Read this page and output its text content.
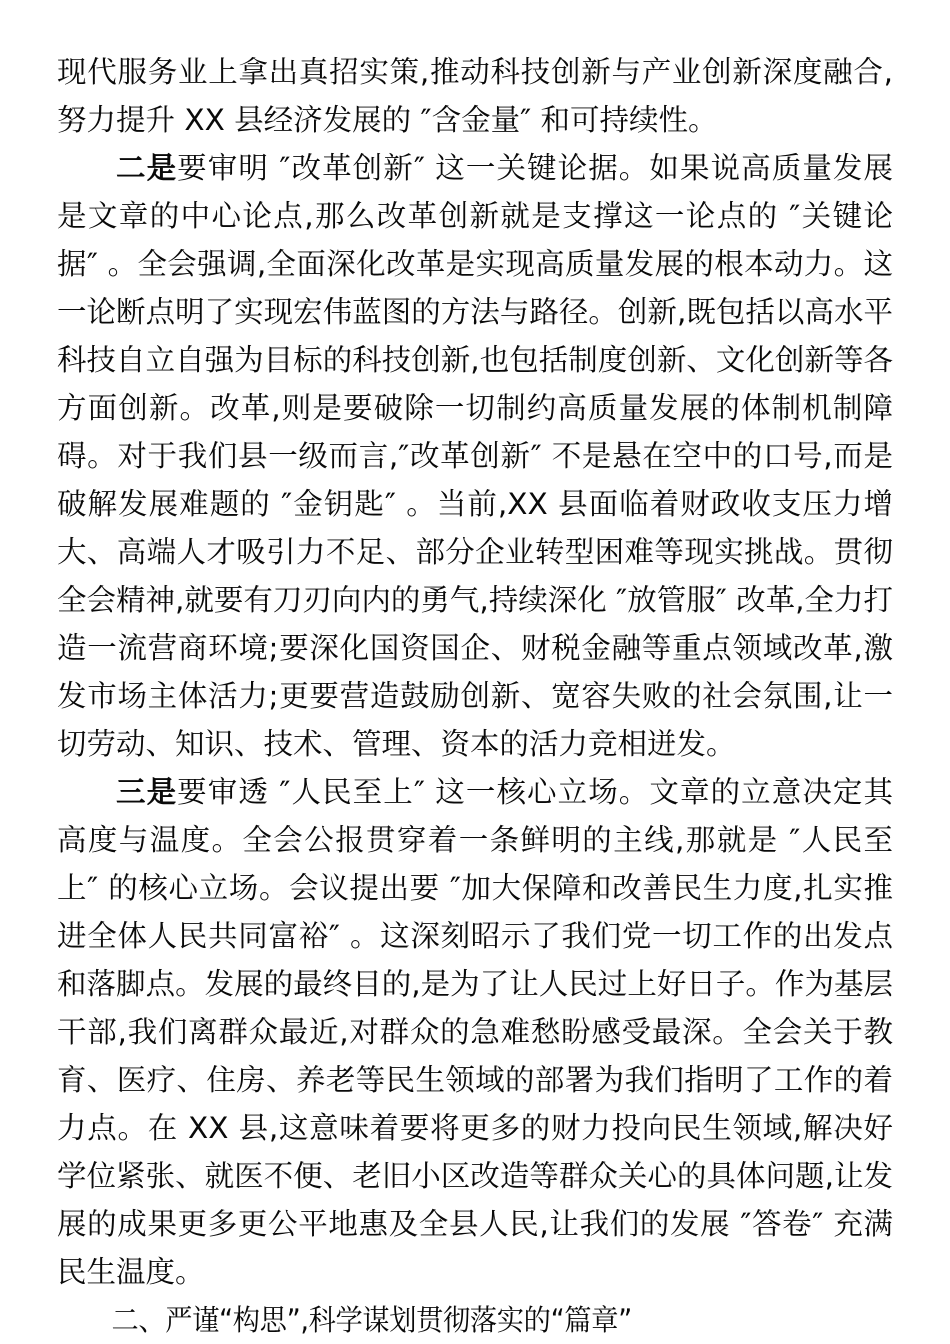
现代服务业上拿出真招实策,推动科技创新与产业创新深度融合,努力提升 XX 县经济发展的 ″含金量″ 和可持续性。

二是要审明 ″改革创新″ 这一关键论据。如果说高质量发展是文章的中心论点,那么改革创新就是支撑这一论点的 ″关键论据″ 。全会强调,全面深化改革是实现高质量发展的根本动力。这一论断点明了实现宏伟蓝图的方法与路径。创新,既包括以高水平科技自立自强为目标的科技创新,也包括制度创新、文化创新等各方面创新。改革,则是要破除一切制约高质量发展的体制机制障碍。对于我们县一级而言,″改革创新″ 不是悬在空中的口号,而是破解发展难题的 ″金钥匙″ 。当前,XX 县面临着财政收支压力增大、高端人才吸引力不足、部分企业转型困难等现实挑战。贯彻全会精神,就要有刀刃向内的勇气,持续深化 ″放管服″ 改革,全力打造一流营商环境;要深化国资国企、财税金融等重点领域改革,激发市场主体活力;更要营造鼓励创新、宽容失败的社会氛围,让一切劳动、知识、技术、管理、资本的活力竞相迸发。

三是要审透 ″人民至上″ 这一核心立场。文章的立意决定其高度与温度。全会公报贯穿着一条鲜明的主线,那就是 ″人民至上″ 的核心立场。会议提出要 ″加大保障和改善民生力度,扎实推进全体人民共同富裕″ 。这深刻昭示了我们党一切工作的出发点和落脚点。发展的最终目的,是为了让人民过上好日子。作为基层干部,我们离群众最近,对群众的急难愁盼感受最深。全会关于教育、医疗、住房、养老等民生领域的部署为我们指明了工作的着力点。在 XX 县,这意味着要将更多的财力投向民生领域,解决好学位紧张、就医不便、老旧小区改造等群众关心的具体问题,让发展的成果更多更公平地惠及全县人民,让我们的发展 ″答卷″ 充满民生温度。

二、严谨“构思”,科学谋划贯彻落实的“篇章”
